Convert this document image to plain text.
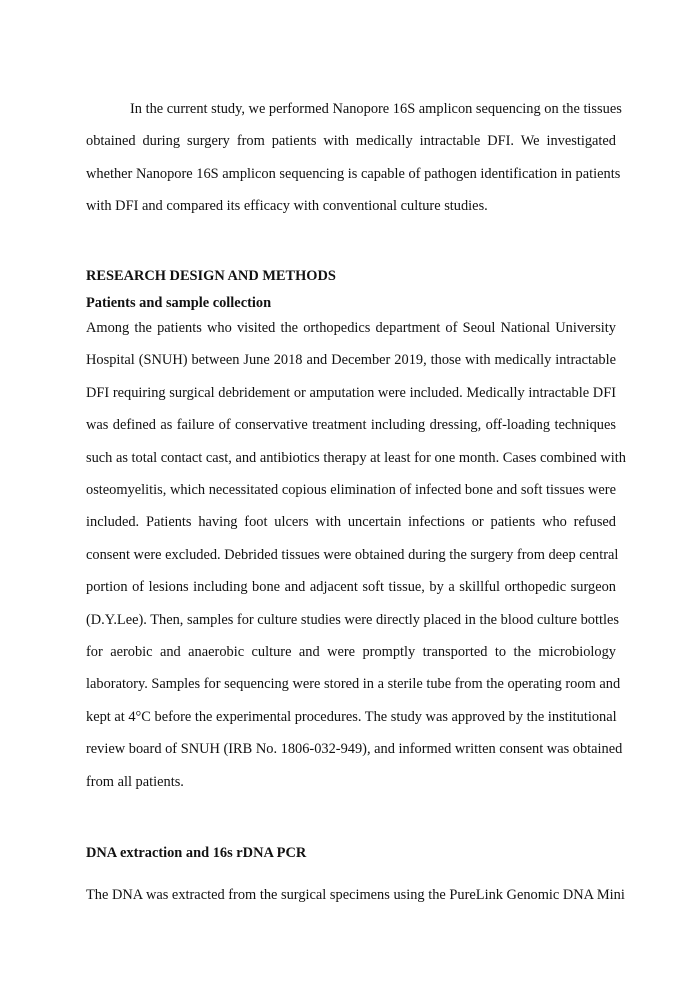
In the current study, we performed Nanopore 16S amplicon sequencing on the tissues
obtained during surgery from patients with medically intractable DFI. We investigated
whether Nanopore 16S amplicon sequencing is capable of pathogen identification in patients
with DFI and compared its efficacy with conventional culture studies.

RESEARCH DESIGN AND METHODS
Patients and sample collection

Among the patients who visited the orthopedics department of Seoul National University
Hospital (SNUH) between June 2018 and December 2019, those with medically intractable
DFI requiring surgical debridement or amputation were included. Medically intractable DFI
was defined as failure of conservative treatment including dressing, off-loading techniques
such as total contact cast, and antibiotics therapy at least for one month. Cases combined with
osteomyelitis, which necessitated copious elimination of infected bone and soft tissues were
included. Patients having foot ulcers with uncertain infections or patients who refused
consent were excluded. Debrided tissues were obtained during the surgery from deep central
portion of lesions including bone and adjacent soft tissue, by a skillful orthopedic surgeon
(D.Y.Lee). Then, samples for culture studies were directly placed in the blood culture bottles
for aerobic and anaerobic culture and were promptly transported to the microbiology
laboratory. Samples for sequencing were stored in a sterile tube from the operating room and
kept at 4°C before the experimental procedures. The study was approved by the institutional
review board of SNUH (IRB No. 1806-032-949), and informed written consent was obtained
from all patients.

DNA extraction and 16s rDNA PCR

The DNA was extracted from the surgical specimens using the PureLink Genomic DNA Mini
